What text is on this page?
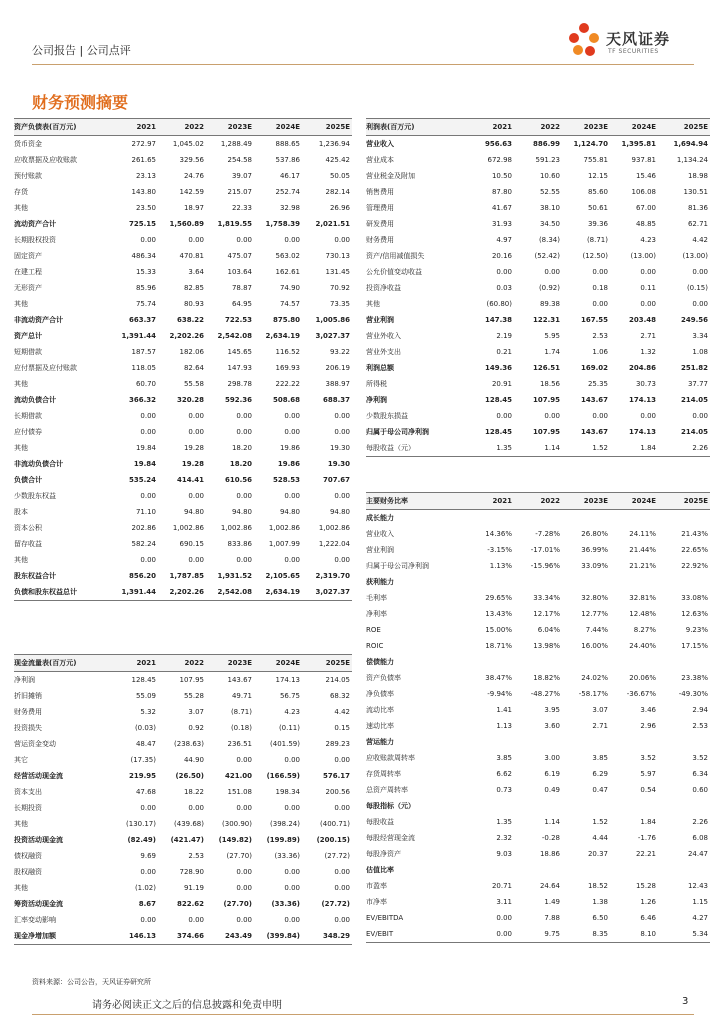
公司报告 | 公司点评
天风证券
TF SECURITIES
财务预测摘要
资产负债表(百万元)	2021	2022	2023E	2024E	2025E
货币资金	272.97	1,045.02	1,288.49	888.65	1,236.94
应收票据及应收账款	261.65	329.56	254.58	537.86	425.42
预付账款	23.13	24.76	39.07	46.17	50.05
存货	143.80	142.59	215.07	252.74	282.14
其他	23.50	18.97	22.33	32.98	26.96
流动资产合计	725.15	1,560.89	1,819.55	1,758.39	2,021.51
长期股权投资	0.00	0.00	0.00	0.00	0.00
固定资产	486.34	470.81	475.07	563.02	730.13
在建工程	15.33	3.64	103.64	162.61	131.45
无形资产	85.96	82.85	78.87	74.90	70.92
其他	75.74	80.93	64.95	74.57	73.35
非流动资产合计	663.37	638.22	722.53	875.80	1,005.86
资产总计	1,391.44	2,202.26	2,542.08	2,634.19	3,027.37
短期借款	187.57	182.06	145.65	116.52	93.22
应付票据及应付账款	118.05	82.64	147.93	169.93	206.19
其他	60.70	55.58	298.78	222.22	388.97
流动负债合计	366.32	320.28	592.36	508.68	688.37
长期借款	0.00	0.00	0.00	0.00	0.00
应付债券	0.00	0.00	0.00	0.00	0.00
其他	19.84	19.28	18.20	19.86	19.30
非流动负债合计	19.84	19.28	18.20	19.86	19.30
负债合计	535.24	414.41	610.56	528.53	707.67
少数股东权益	0.00	0.00	0.00	0.00	0.00
股本	71.10	94.80	94.80	94.80	94.80
资本公积	202.86	1,002.86	1,002.86	1,002.86	1,002.86
留存收益	582.24	690.15	833.86	1,007.99	1,222.04
其他	0.00	0.00	0.00	0.00	0.00
股东权益合计	856.20	1,787.85	1,931.52	2,105.65	2,319.70
负债和股东权益总计	1,391.44	2,202.26	2,542.08	2,634.19	3,027.37
利润表(百万元)	2021	2022	2023E	2024E	2025E
营业收入	956.63	886.99	1,124.70	1,395.81	1,694.94
营业成本	672.98	591.23	755.81	937.81	1,134.24
营业税金及附加	10.50	10.60	12.15	15.46	18.98
销售费用	87.80	52.55	85.60	106.08	130.51
管理费用	41.67	38.10	50.61	67.00	81.36
研发费用	31.93	34.50	39.36	48.85	62.71
财务费用	4.97	(8.34)	(8.71)	4.23	4.42
资产/信用减值损失	20.16	(52.42)	(12.50)	(13.00)	(13.00)
公允价值变动收益	0.00	0.00	0.00	0.00	0.00
投资净收益	0.03	(0.92)	0.18	0.11	(0.15)
其他	(60.80)	89.38	0.00	0.00	0.00
营业利润	147.38	122.31	167.55	203.48	249.56
营业外收入	2.19	5.95	2.53	2.71	3.34
营业外支出	0.21	1.74	1.06	1.32	1.08
利润总额	149.36	126.51	169.02	204.86	251.82
所得税	20.91	18.56	25.35	30.73	37.77
净利润	128.45	107.95	143.67	174.13	214.05
少数股东损益	0.00	0.00	0.00	0.00	0.00
归属于母公司净利润	128.45	107.95	143.67	174.13	214.05
每股收益（元）	1.35	1.14	1.52	1.84	2.26
现金流量表(百万元)	2021	2022	2023E	2024E	2025E
净利润	128.45	107.95	143.67	174.13	214.05
折旧摊销	55.09	55.28	49.71	56.75	68.32
财务费用	5.32	3.07	(8.71)	4.23	4.42
投资损失	(0.03)	0.92	(0.18)	(0.11)	0.15
营运资金变动	48.47	(238.63)	236.51	(401.59)	289.23
其它	(17.35)	44.90	0.00	0.00	0.00
经营活动现金流	219.95	(26.50)	421.00	(166.59)	576.17
资本支出	47.68	18.22	151.08	198.34	200.56
长期投资	0.00	0.00	0.00	0.00	0.00
其他	(130.17)	(439.68)	(300.90)	(398.24)	(400.71)
投资活动现金流	(82.49)	(421.47)	(149.82)	(199.89)	(200.15)
债权融资	9.69	2.53	(27.70)	(33.36)	(27.72)
股权融资	0.00	728.90	0.00	0.00	0.00
其他	(1.02)	91.19	0.00	0.00	0.00
筹资活动现金流	8.67	822.62	(27.70)	(33.36)	(27.72)
汇率变动影响	0.00	0.00	0.00	0.00	0.00
现金净增加额	146.13	374.66	243.49	(399.84)	348.29
主要财务比率	2021	2022	2023E	2024E	2025E
成长能力					
营业收入	14.36%	-7.28%	26.80%	24.11%	21.43%
营业利润	-3.15%	-17.01%	36.99%	21.44%	22.65%
归属于母公司净利润	1.13%	-15.96%	33.09%	21.21%	22.92%
获利能力					
毛利率	29.65%	33.34%	32.80%	32.81%	33.08%
净利率	13.43%	12.17%	12.77%	12.48%	12.63%
ROE	15.00%	6.04%	7.44%	8.27%	9.23%
ROIC	18.71%	13.98%	16.00%	24.40%	17.15%
偿债能力					
资产负债率	38.47%	18.82%	24.02%	20.06%	23.38%
净负债率	-9.94%	-48.27%	-58.17%	-36.67%	-49.30%
流动比率	1.41	3.95	3.07	3.46	2.94
速动比率	1.13	3.60	2.71	2.96	2.53
营运能力					
应收账款周转率	3.85	3.00	3.85	3.52	3.52
存货周转率	6.62	6.19	6.29	5.97	6.34
总资产周转率	0.73	0.49	0.47	0.54	0.60
每股指标（元）					
每股收益	1.35	1.14	1.52	1.84	2.26
每股经营现金流	2.32	-0.28	4.44	-1.76	6.08
每股净资产	9.03	18.86	20.37	22.21	24.47
估值比率					
市盈率	20.71	24.64	18.52	15.28	12.43
市净率	3.11	1.49	1.38	1.26	1.15
EV/EBITDA	0.00	7.88	6.50	6.46	4.27
EV/EBIT	0.00	9.75	8.35	8.10	5.34
资料来源：公司公告，天风证券研究所
请务必阅读正文之后的信息披露和免责申明	3
